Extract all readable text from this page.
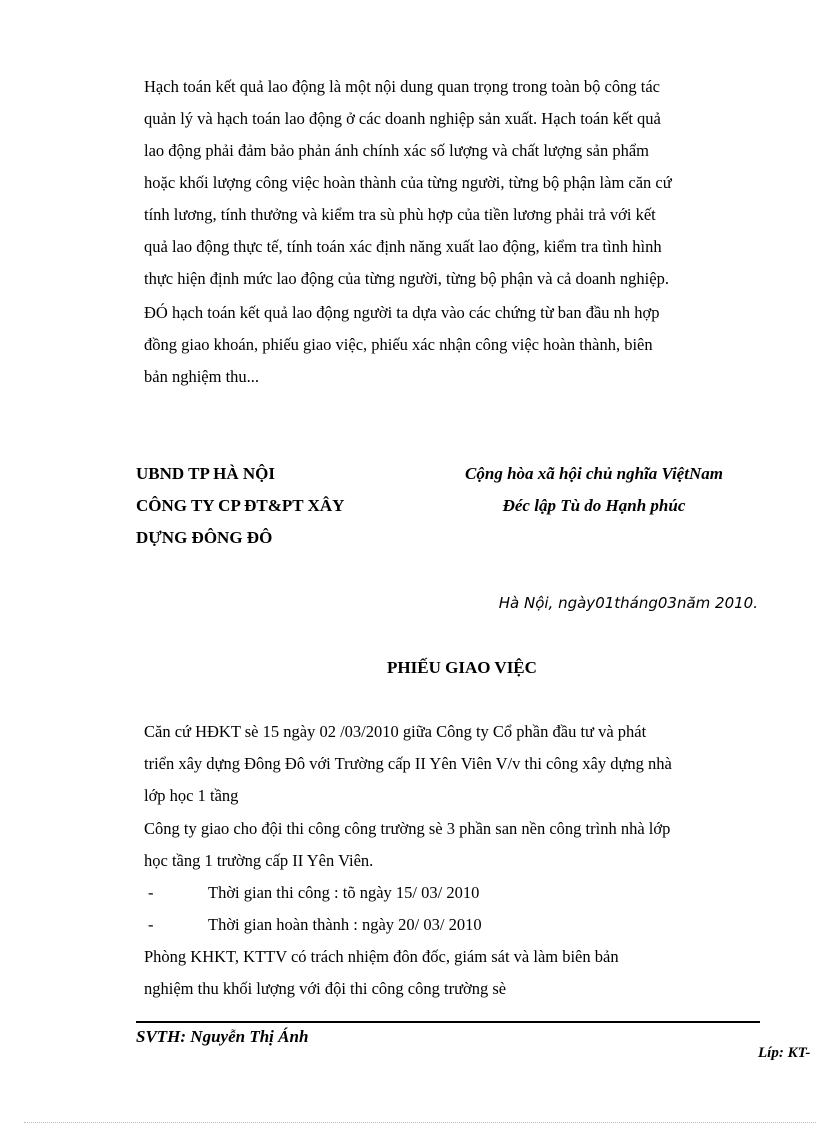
Hạch toán kết quả lao động là một nội dung quan trọng trong toàn bộ công tác
quản lý và hạch toán lao động ở các doanh nghiệp sản xuất. Hạch toán kết quả
lao động phải đảm bảo phản ánh chính xác số lượng và chất lượng sản phẩm
hoặc khối lượng công việc hoàn thành của từng người, từng bộ phận làm căn cứ
tính lương, tính thưởng và kiểm tra sù phù hợp của tiền lương phải trả với kết
quả lao động thực tế, tính toán xác định năng xuất lao động, kiểm tra tình hình
thực hiện định mức lao động của từng người, từng bộ phận và cả doanh nghiệp.
ĐÓ hạch toán kết quả lao động người ta dựa vào các chứng từ ban đầu nh hợp
đồng giao khoán, phiếu giao việc, phiếu xác nhận công việc hoàn thành, biên
bản nghiệm thu...
UBND TP HÀ NỘI
CÔNG TY CP ĐT&PT XÂY
DỰNG ĐÔNG ĐÔ
Cộng hòa xã hội chủ nghĩa ViệtNam
Đéc lập Tù do Hạnh phúc
Hà Nội, ngày01tháng03năm 2010.
PHIẾU GIAO VIỆC
Căn cứ HĐKT sè 15 ngày 02 /03/2010 giữa Công ty Cổ phần đầu tư và phát
triển xây dựng Đông Đô với Trường cấp II Yên Viên V/v thi công xây dựng nhà
lớp học 1 tầng
Công ty giao cho đội thi công công trường sè 3 phần san nền công trình nhà lớp
học tầng 1 trường cấp II Yên Viên.
-	Thời gian thi công : tõ ngày 15/ 03/ 2010
-	Thời gian hoàn thành : ngày 20/ 03/ 2010
Phòng KHKT, KTTV có trách nhiệm đôn đốc, giám sát và làm biên bản
nghiệm thu khối lượng với đội thi công công trường sè
SVTH: Nguyễn Thị Ánh
Líp: KT-
